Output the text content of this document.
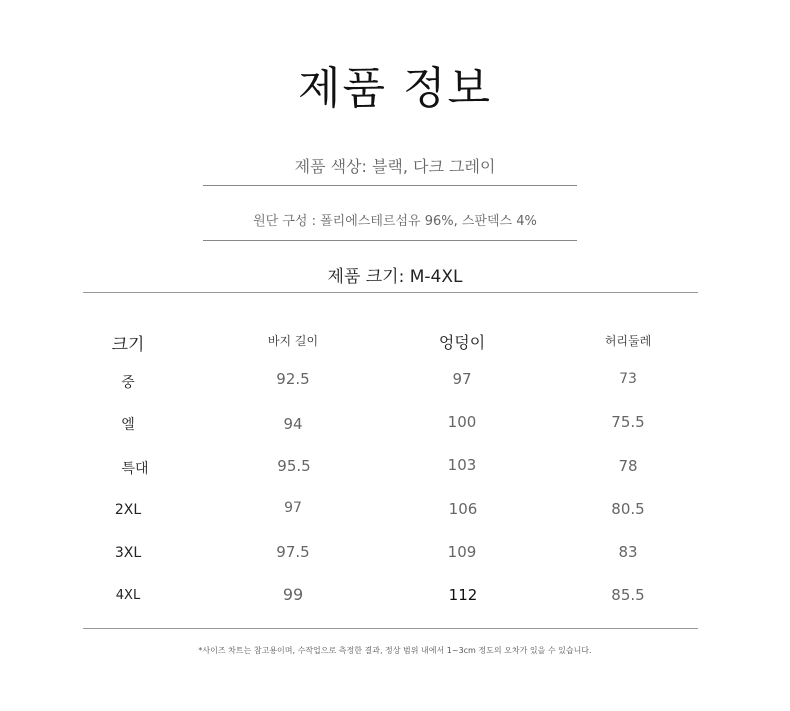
제품 정보
제품 색상: 블랙, 다크 그레이
원단 구성 : 폴리에스테르섬유 96%, 스판덱스 4%
제품 크기: M-4XL
크기	바지 길이	엉덩이	허리둘레
중	92.5	97	73
엘	94	100	75.5
특대	95.5	103	78
2XL	97	106	80.5
3XL	97.5	109	83
4XL	99	112	85.5
*사이즈 차트는 참고용이며, 수작업으로 측정한 결과, 정상 범위 내에서 1~3cm 정도의 오차가 있을 수 있습니다.
